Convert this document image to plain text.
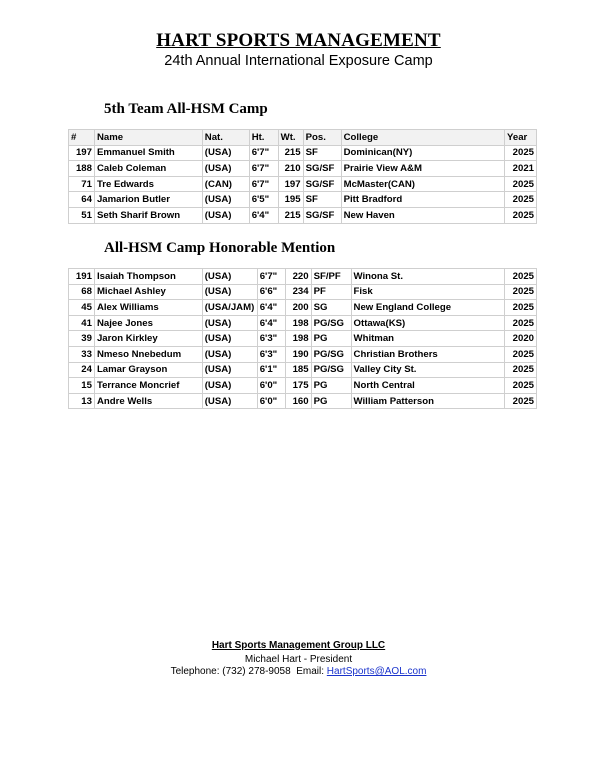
HART SPORTS MANAGEMENT
24th Annual International Exposure Camp
5th Team All-HSM Camp
#	Name	Nat.	Ht.	Wt.	Pos.	College	Year
197	Emmanuel Smith	(USA)	6'7"	215	SF	Dominican(NY)	2025
188	Caleb Coleman	(USA)	6'7"	210	SG/SF	Prairie View A&M	2021
71	Tre Edwards	(CAN)	6'7"	197	SG/SF	McMaster(CAN)	2025
64	Jamarion Butler	(USA)	6'5"	195	SF	Pitt Bradford	2025
51	Seth Sharif Brown	(USA)	6'4"	215	SG/SF	New Haven	2025
All-HSM Camp Honorable Mention
191	Isaiah Thompson	(USA)	6'7"	220	SF/PF	Winona St.	2025
68	Michael Ashley	(USA)	6'6"	234	PF	Fisk	2025
45	Alex Williams	(USA/JAM)	6'4"	200	SG	New England College	2025
41	Najee Jones	(USA)	6'4"	198	PG/SG	Ottawa(KS)	2025
39	Jaron Kirkley	(USA)	6'3"	198	PG	Whitman	2020
33	Nmeso Nnebedum	(USA)	6'3"	190	PG/SG	Christian Brothers	2025
24	Lamar Grayson	(USA)	6'1"	185	PG/SG	Valley City St.	2025
15	Terrance Moncrief	(USA)	6'0"	175	PG	North Central	2025
13	Andre Wells	(USA)	6'0"	160	PG	William Patterson	2025
Hart Sports Management Group LLC
Michael Hart - President
Telephone: (732) 278-9058  Email: HartSports@AOL.com
